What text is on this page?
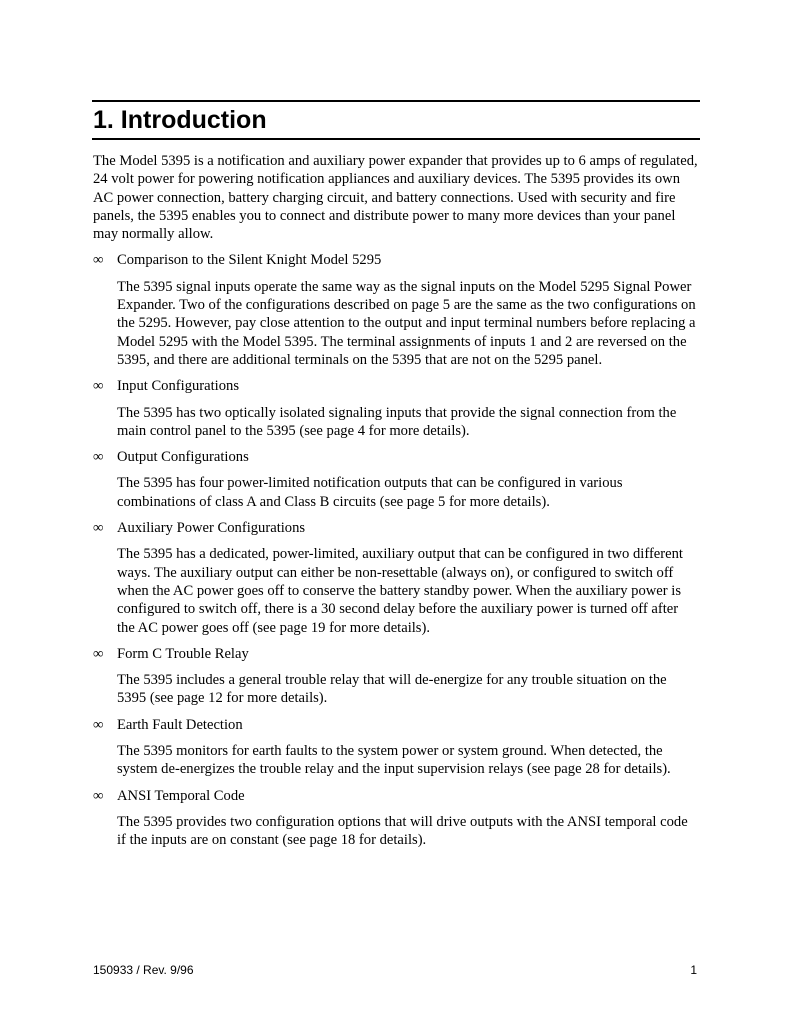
1. Introduction

The Model 5395 is a notification and auxiliary power expander that provides up to 6 amps of regulated, 24 volt power for powering notification appliances and auxiliary devices. The 5395 provides its own AC power connection, battery charging circuit, and battery connections. Used with security and fire panels, the 5395 enables you to connect and distribute power to many more devices than your panel may normally allow.

∞ Comparison to the Silent Knight Model 5295

The 5395 signal inputs operate the same way as the signal inputs on the Model 5295 Signal Power Expander. Two of the configurations described on page 5 are the same as the two configurations on the 5295. However, pay close attention to the output and input terminal numbers before replacing a Model 5295 with the Model 5395. The terminal assignments of inputs 1 and 2 are reversed on the 5395, and there are additional terminals on the 5395 that are not on the 5295 panel.

∞ Input Configurations

The 5395 has two optically isolated signaling inputs that provide the signal connection from the main control panel to the 5395 (see page 4 for more details).

∞ Output Configurations

The 5395 has four power-limited notification outputs that can be configured in various combinations of class A and Class B circuits (see page 5 for more details).

∞ Auxiliary Power Configurations

The 5395 has a dedicated, power-limited, auxiliary output that can be configured in two different ways. The auxiliary output can either be non-resettable (always on), or configured to switch off when the AC power goes off to conserve the battery standby power. When the auxiliary power is configured to switch off, there is a 30 second delay before the auxiliary power is turned off after the AC power goes off (see page 19 for more details).

∞ Form C Trouble Relay

The 5395 includes a general trouble relay that will de-energize for any trouble situation on the 5395 (see page 12 for more details).

∞ Earth Fault Detection

The 5395 monitors for earth faults to the system power or system ground. When detected, the system de-energizes the trouble relay and the input supervision relays (see page 28 for details).

∞ ANSI Temporal Code

The 5395 provides two configuration options that will drive outputs with the ANSI temporal code if the inputs are on constant (see page 18 for details).

150933 / Rev. 9/96	1
